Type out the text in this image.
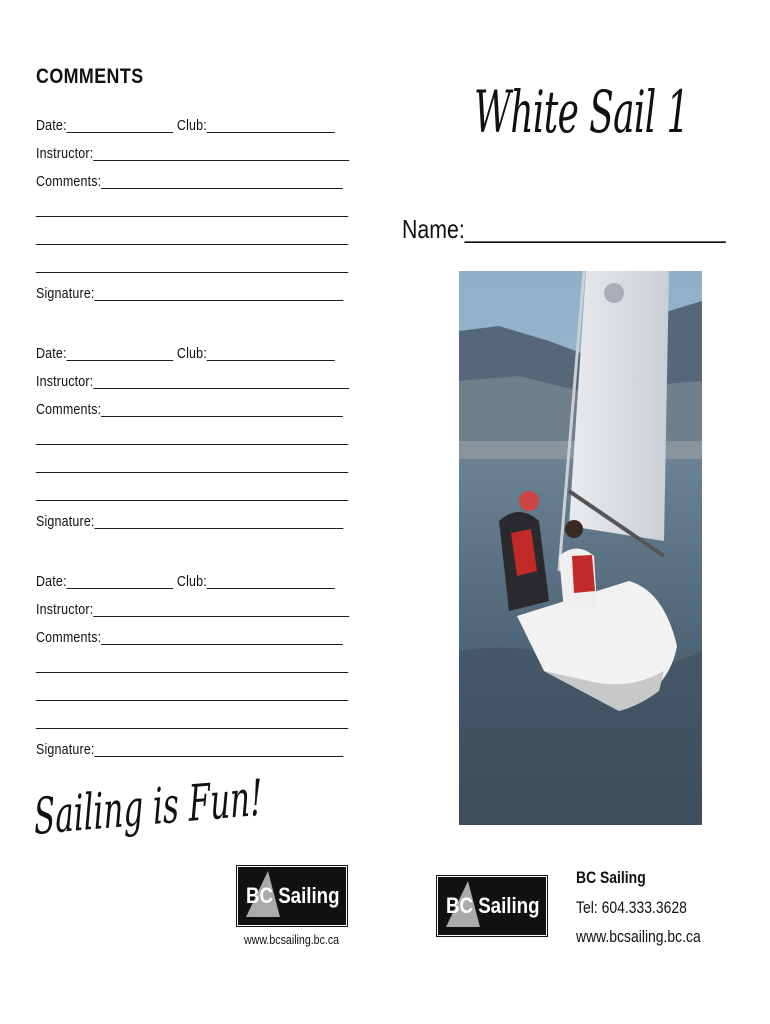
COMMENTS
Date:_______________ Club:__________________
Instructor:____________________________________
Comments:__________________________________
_____________________________________________
_____________________________________________
_____________________________________________
Signature:___________________________________
Date:_______________ Club:__________________
Instructor:____________________________________
Comments:__________________________________
_____________________________________________
_____________________________________________
_____________________________________________
Signature:___________________________________
Date:_______________ Club:__________________
Instructor:____________________________________
Comments:__________________________________
_____________________________________________
_____________________________________________
_____________________________________________
Signature:___________________________________
White Sail 1
Name:______________________
Sailing is Fun!
BC Sailing
www.bcsailing.bc.ca
BC Sailing
BC Sailing
Tel: 604.333.3628
www.bcsailing.bc.ca
